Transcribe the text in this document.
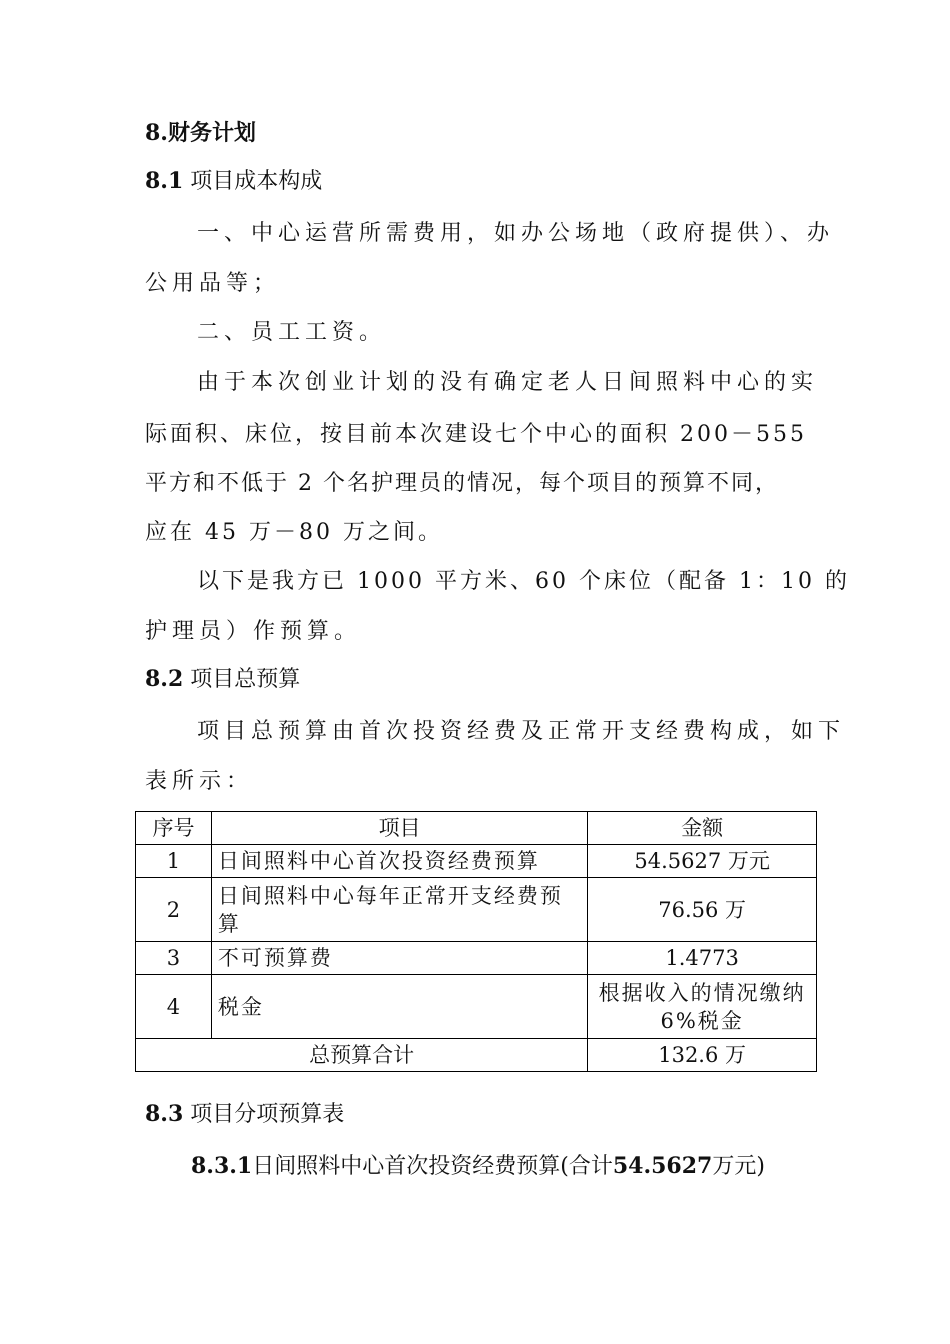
8.财务计划
8.1 项目成本构成
一、中心运营所需费用，如办公场地（政府提供）、办
公用品等；
二、员工工资。
由于本次创业计划的没有确定老人日间照料中心的实
际面积、床位，按目前本次建设七个中心的面积 200－555
平方和不低于 2 个名护理员的情况，每个项目的预算不同，
应在 45 万－80 万之间。
以下是我方已 1000 平方米、60 个床位（配备 1：10 的
护理员）作预算。
8.2 项目总预算
项目总预算由首次投资经费及正常开支经费构成，如下
表所示：
序号	项目	金额
1	日间照料中心首次投资经费预算	54.5627 万元
2	日间照料中心每年正常开支经费预算	76.56 万
3	不可预算费	1.4773
4	税金	根据收入的情况缴纳 6%税金
总预算合计		132.6 万
8.3 项目分项预算表
8.3.1日间照料中心首次投资经费预算(合计54.5627万元)
